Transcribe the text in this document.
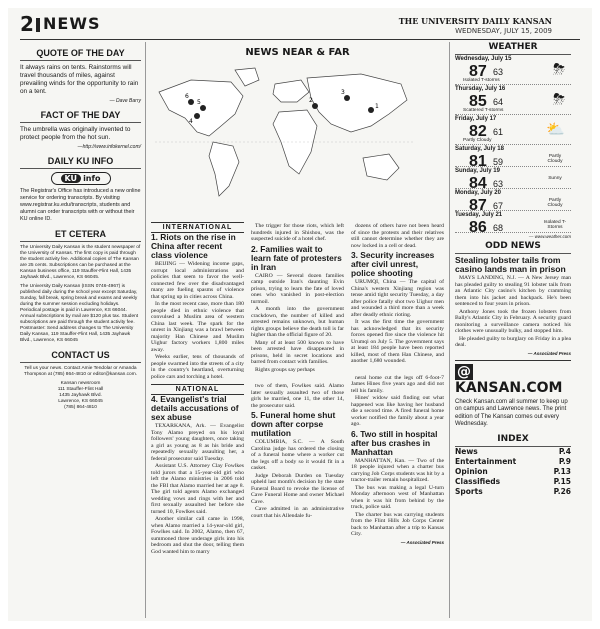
2 NEWS	THE UNIVERSITY DAILY KANSAN
WEDNESDAY, JULY 15, 2009
QUOTE OF THE DAY
It always rains on tents. Rainstorms will travel thousands of miles, against prevailing winds for the opportunity to rain on a tent.
— Dave Barry
FACT OF THE DAY
The umbrella was originally invented to protect people from the hot sun.
—http://www.infokernel.com/
DAILY KU INFO
KU info
The Registrar's Office has introduced a new online service for ordering transcripts. By visiting www.registrar.ku.edu/transcripts, students and alumni can order transcripts with or without their KU online ID.
ET CETERA
The University Daily Kansan is the student newspaper of the University of Kansas. The first copy is paid through the student activity fee. Additional copies of The Kansan are 25 cents. Subscriptions can be purchased at the Kansan business office, 119 Stauffer-Flint Hall, 1435 Jayhawk Blvd., Lawrence, KS 66045.
The University Daily Kansan (ISSN 0746-4967) is published daily during the school year except Saturday, Sunday, fall break, spring break and exams and weekly during the summer session excluding holidays. Periodical postage is paid in Lawrence, KS 66044. Annual subscriptions by mail are $120 plus tax. Student subscriptions are paid through the student activity fee. Postmaster: Send address changes to The University Daily Kansan, 119 Stauffer-Flint Hall, 1435 Jayhawk Blvd., Lawrence, KS 66045
CONTACT US
Tell us your news. Contact Amie Tendolar or Amanda Thompson at (785) 864-4810 or editor@kansan.com.
Kansan newsroom
111 Stauffer-Flint Hall
1435 Jayhawk Blvd.
Lawrence, KS 66045
(785) 864-4810
NEWS NEAR & FAR
5
6
4
2
3
1
INTERNATIONAL
1. Riots on the rise in China after recent class violence

BEIJING — Widening income gaps, corrupt local administrations and policies that seem to favor the well-connected few over the disadvantaged many are fueling spasms of violence that spring up in cities across China.

In the most recent case, more than 180 people died in ethnic violence that convulsed a Muslim area of western China last week. The spark for the unrest in Xinjiang was a brawl between majority Han Chinese and Muslim Uighur factory workers 1,800 miles away.

Weeks earlier, tens of thousands of people swarmed into the streets of a city in the country's heartland, overturning police cars and torching a hotel.

NATIONAL
4. Evangelist's trial details accusations of sex abuse

TEXARKANA, Ark. — Evangelist Tony Alamo preyed on his loyal followers' young daughters, once taking a girl as young as 8 as his bride and repeatedly sexually assaulting her, a federal prosecutor said Tuesday.

Assistant U.S. Attorney Clay Fowlkes told jurors that a 15-year-old girl who left the Alamo ministries in 2006 told the FBI that Alamo married her at age 8. The girl told agents Alamo exchanged wedding vows and rings with her and first sexually assaulted her before she turned 10, Fowlkes said.

Another similar call came in 1998, when Alamo married a 14-year-old girl, Fowlkes said. In 2002, Alamo, then 67, summoned three underage girls into his bedroom and shut the door, telling them God wanted him to marry

The trigger for those riots, which left hundreds injured in Shishou, was the suspected suicide of a hotel chef.

2. Families wait to learn fate of protesters in Iran

CAIRO — Several dozen families camp outside Iran's daunting Evin prison, trying to learn the fate of loved ones who vanished in post-election turmoil.

A month into the government crackdown, the number of killed and arrested remains unknown, but human rights groups believe the death toll is far higher than the official figure of 20.

Many of at least 500 known to have been arrested have disappeared in prisons, held in secret locations and barred from contact with families.

Rights groups say perhaps

two of them, Fowlkes said. Alamo later sexually assaulted two of those girls he married, one 11, the other 14, the prosecutor said.

5. Funeral home shut down after corpse mutilation

COLUMBIA, S.C. — A South Carolina judge has ordered the closing of a funeral home where a worker cut the legs off a body so it would fit in a casket.

Judge Deborah Durden on Tuesday upheld last month's decision by the state Funeral Board to revoke the license of Cave Funeral Home and owner Michael Cave.

Cave admitted in an administrative court that his Allendale fu-

dozens of others have not been heard of since the protests and their relatives still cannot determine whether they are now locked in a cell or dead.

3. Security increases after civil unrest, police shooting

URUMQI, China — The capital of China's western Xinjiang region was tense amid tight security Tuesday, a day after police fatally shot two Uighur men and wounded a third more than a week after deadly ethnic rioting.

It was the first time the government has acknowledged that its security forces opened fire since the violence hit Urumqi on July 5. The government says at least 184 people have been reported killed, most of them Han Chinese, and another 1,680 wounded.

neral home cut the legs off 6-foot-7 James Hines five years ago and did not tell his family.

Hines' widow said finding out what happened was like having her husband die a second time. A fired funeral home worker notified the family about a year ago.

6. Two still in hospital after bus crashes in Manhattan

MANHATTAN, Kan. — Two of the 18 people injured when a charter bus carrying Job Corps students was hit by a tractor-trailer remain hospitalized.

The bus was making a legal U-turn Monday afternoon west of Manhattan when it was hit from behind by the truck, police said.

The charter bus was carrying students from the Flint Hills Job Corps Center back to Manhattan after a trip to Kansas City.

— Associated Press
WEATHER
Wednesday, July 15
87 63
Isolated T-storms
⛈
Thursday, July 16
85 64
Scattered T-storms
⛈
Friday, July 17
82 61
Partly Cloudy
⛅
Saturday, July 18
81 59
Partly Cloudy
Sunday, July 19
84 63
Sunny
Monday, July 20
87 67
Partly Cloudy
Tuesday, July 21
86 68
Isolated T-Storms
— www.weather.com
ODD NEWS
Stealing lobster tails from casino lands man in prison

MAYS LANDING, N.J. — A New Jersey man has pleaded guilty to stealing 91 lobster tails from an Atlantic City casino's kitchen by cramming them into his jacket and backpack. He's been sentenced to four years in prison.

Anthony Jones took the frozen lobsters from Bally's Atlantic City in February. A security guard monitoring a surveillance camera noticed his clothes were unusually bulky, and stopped him.

He pleaded guilty to burglary on Friday in a plea deal.

— Associated Press
@KANSAN.COM
Check Kansan.com all summer to keep up on campus and Lawrence news. The print edition of The Kansan comes out every Wednesday.
INDEX
News	P.4
Entertainment	P.9
Opinion	P.13
Classifieds	P.15
Sports	P.26
